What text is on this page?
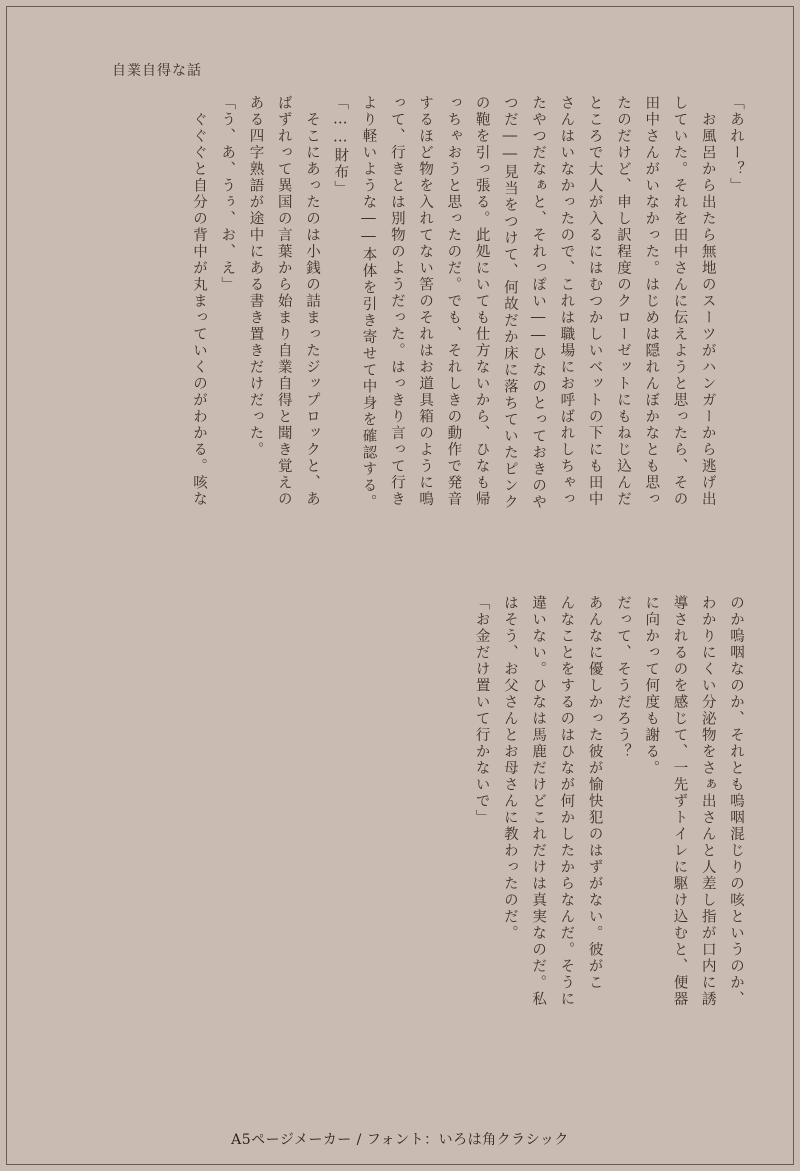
自業自得な話
「あれー？」
　お風呂から出たら無地のスーツがハンガーから逃げ出
していた。それを田中さんに伝えようと思ったら、その
田中さんがいなかった。はじめは隠れんぼかなとも思っ
たのだけど、申し訳程度のクローゼットにもねじ込んだ
ところで大人が入るにはむつかしいベットの下にも田中
さんはいなかったので、これは職場にお呼ばれしちゃっ
たやつだなぁと、それっぽい――ひなのとっておきのや
つだ――見当をつけて、何故だか床に落ちていたピンク
の鞄を引っ張る。此処にいても仕方ないから、ひなも帰
っちゃおうと思ったのだ。でも、それしきの動作で発音
するほど物を入れてない筈のそれはお道具箱のように鳴
って、行きとは別物のようだった。はっきり言って行き
より軽いような――本体を引き寄せて中身を確認する。
「……財布」
　そこにあったのは小銭の詰まったジップロックと、あ
ばずれって異国の言葉から始まり自業自得と聞き覚えの
ある四字熟語が途中にある書き置きだけだった。
「う、あ、うぅ、お、え」
　ぐぐぐと自分の背中が丸まっていくのがわかる。咳な
のか嗚咽なのか、それとも嗚咽混じりの咳というのか、
わかりにくい分泌物をさぁ出さんと人差し指が口内に誘
導されるのを感じて、一先ずトイレに駆け込むと、便器
に向かって何度も謝る。
だって、そうだろう？
あんなに優しかった彼が愉快犯のはずがない。彼がこ
んなことをするのはひなが何かしたからなんだ。そうに
違いない。ひなは馬鹿だけどこれだけは真実なのだ。私
はそう、お父さんとお母さんに教わったのだ。
「お金だけ置いて行かないで」
A5ページメーカー / フォント：いろは角クラシック
